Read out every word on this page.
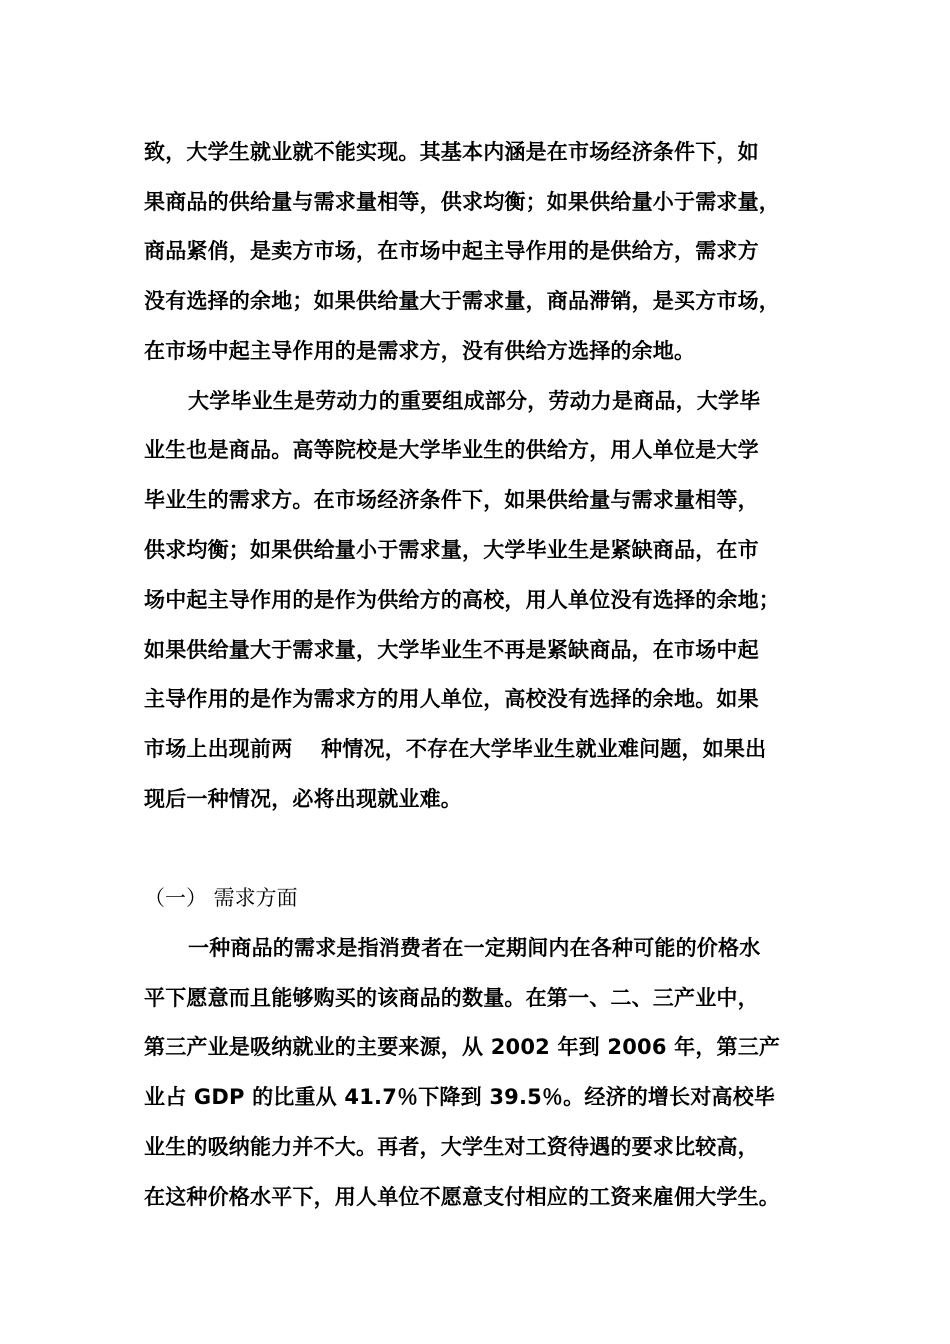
致，大学生就业就不能实现。其基本内涵是在市场经济条件下，如
果商品的供给量与需求量相等，供求均衡；如果供给量小于需求量，
商品紧俏，是卖方市场，在市场中起主导作用的是供给方，需求方
没有选择的余地；如果供给量大于需求量，商品滞销，是买方市场，
在市场中起主导作用的是需求方，没有供给方选择的余地。
大学毕业生是劳动力的重要组成部分，劳动力是商品，大学毕
业生也是商品。高等院校是大学毕业生的供给方，用人单位是大学
毕业生的需求方。在市场经济条件下，如果供给量与需求量相等，
供求均衡；如果供给量小于需求量，大学毕业生是紧缺商品，在市
场中起主导作用的是作为供给方的高校，用人单位没有选择的余地；
如果供给量大于需求量，大学毕业生不再是紧缺商品，在市场中起
主导作用的是作为需求方的用人单位，高校没有选择的余地。如果
市场上出现前两　 种情况，不存在大学毕业生就业难问题，如果出
现后一种情况，必将出现就业难。
（一） 需求方面
一种商品的需求是指消费者在一定期间内在各种可能的价格水
平下愿意而且能够购买的该商品的数量。在第一、二、三产业中，
第三产业是吸纳就业的主要来源，从 2002 年到 2006 年，第三产
业占 GDP 的比重从 41.7％下降到 39.5％。经济的增长对高校毕
业生的吸纳能力并不大。再者，大学生对工资待遇的要求比较高，
在这种价格水平下，用人单位不愿意支付相应的工资来雇佣大学生。
